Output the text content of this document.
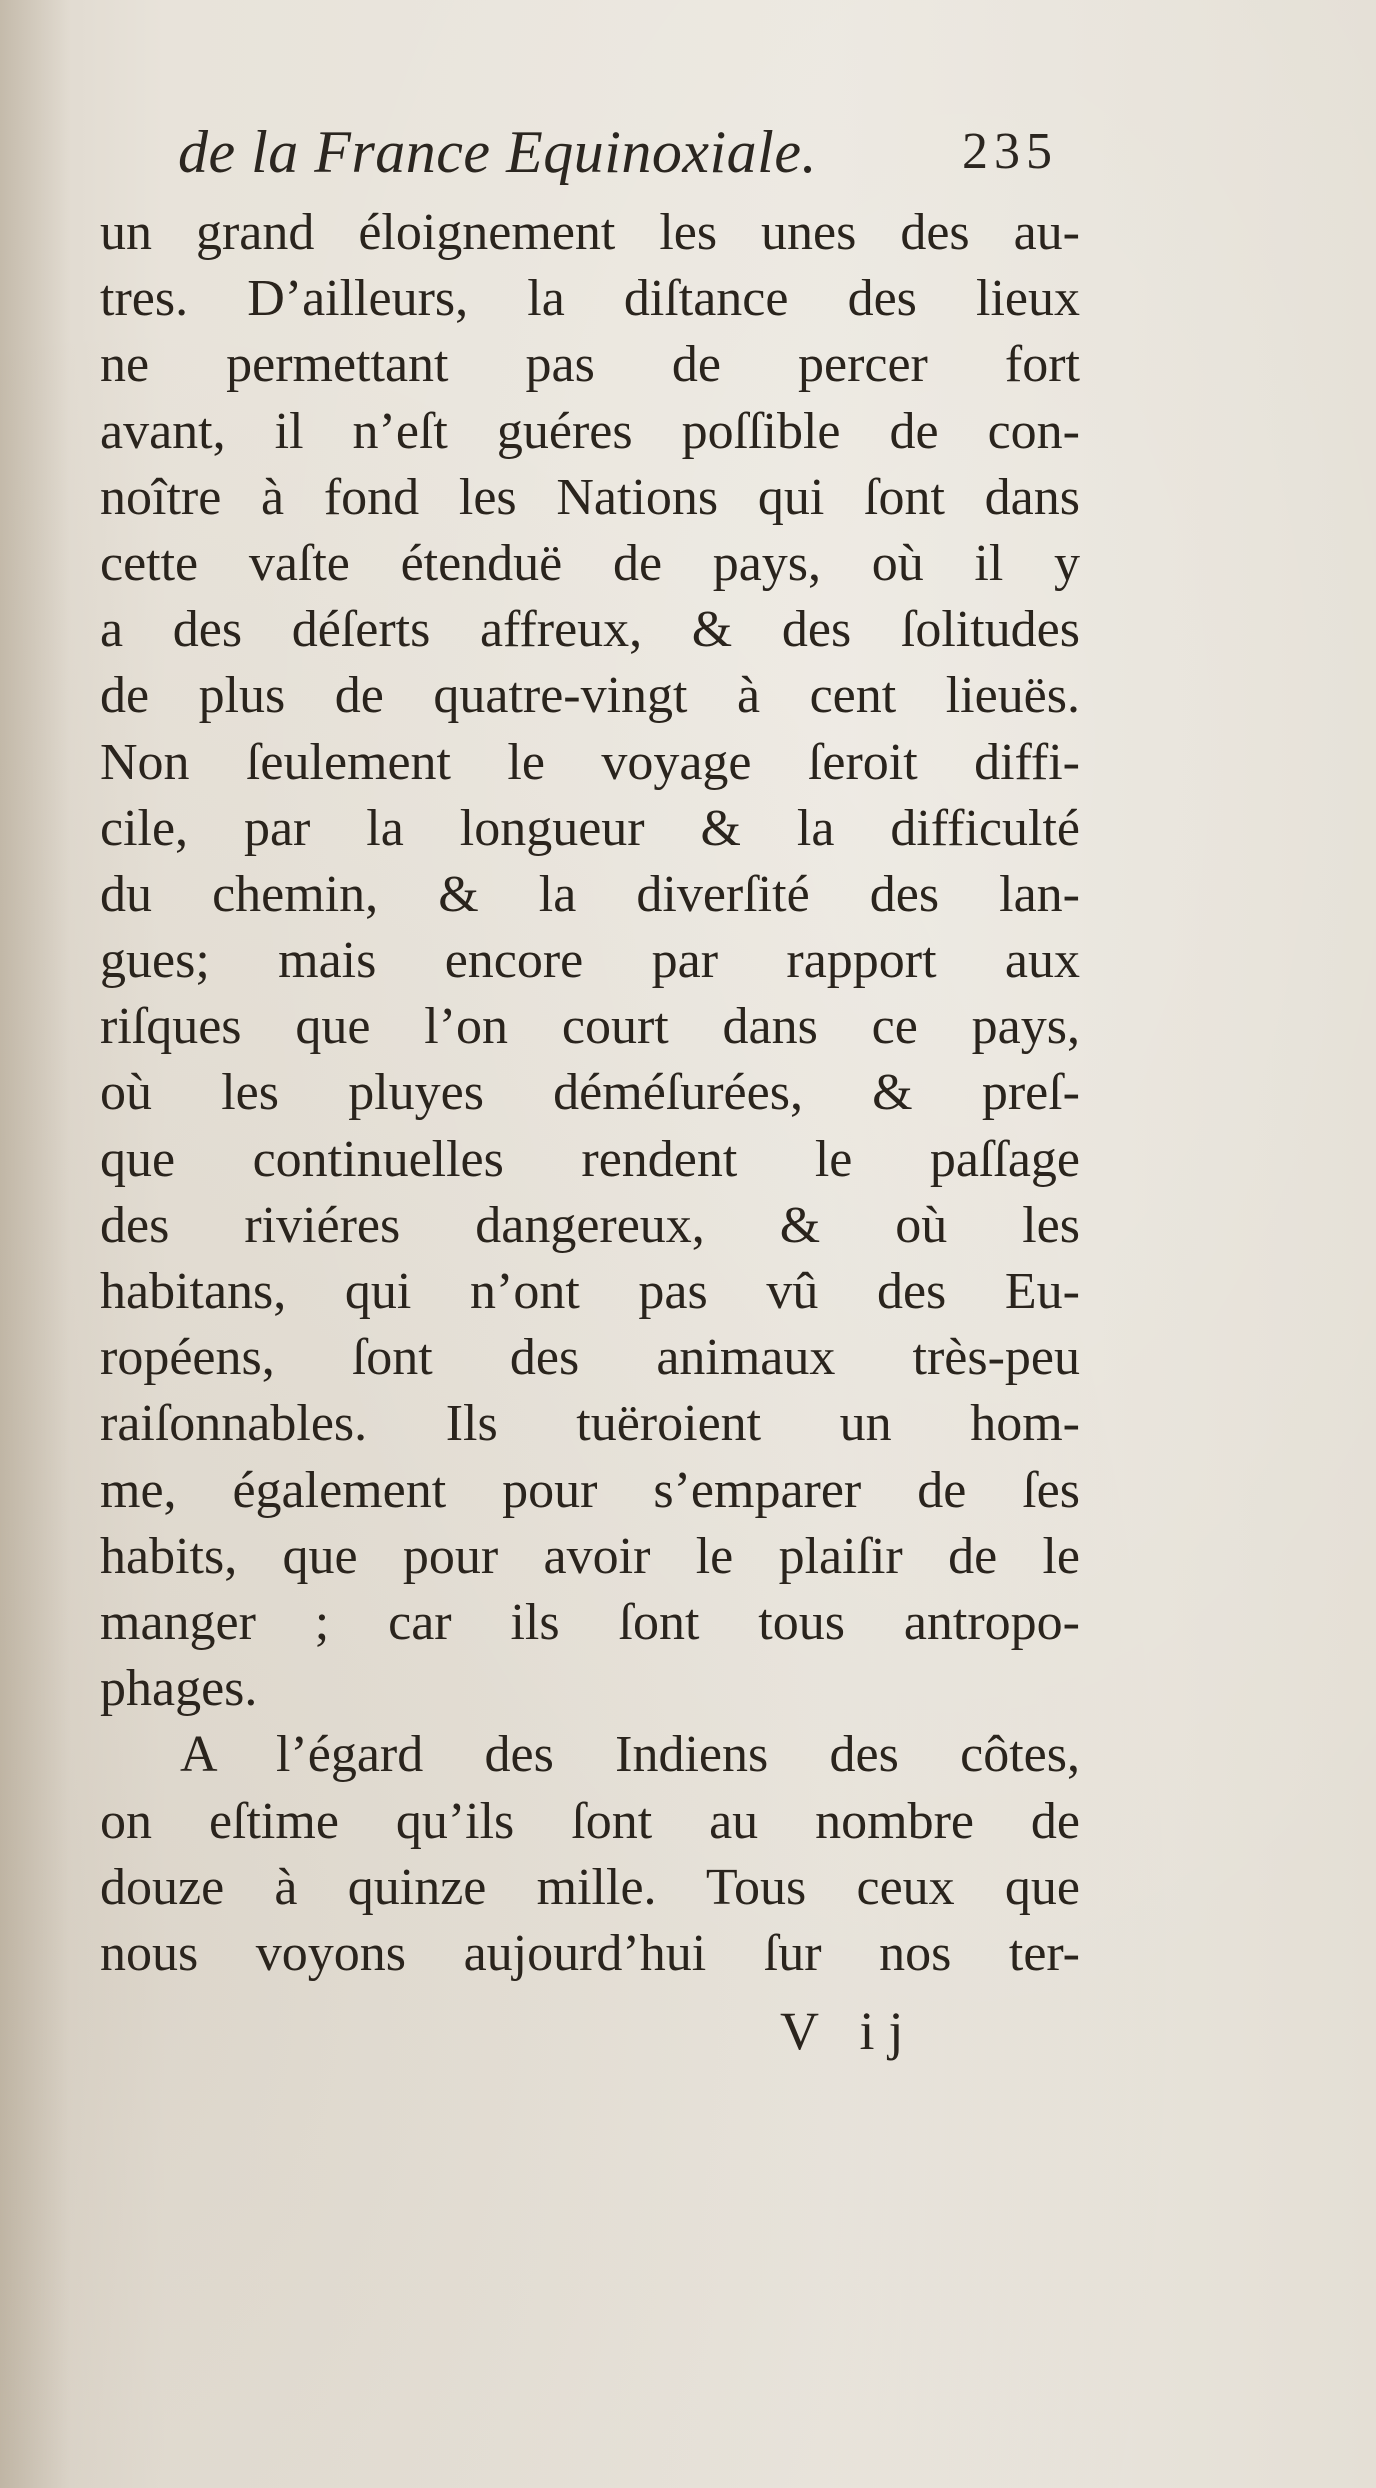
de la France Equinoxiale.	235
un grand éloignement les unes des au-
tres. D’ailleurs, la diſtance des lieux
ne permettant pas de percer fort
avant, il n’eſt guéres poſſible de con-
noître à fond les Nations qui ſont dans
cette vaſte étenduë de pays, où il y
a des déſerts affreux, & des ſolitudes
de plus de quatre-vingt à cent lieuës.
Non ſeulement le voyage ſeroit diffi-
cile, par la longueur & la difficulté
du chemin, & la diverſité des lan-
gues; mais encore par rapport aux
riſques que l’on court dans ce pays,
où les pluyes déméſurées, & preſ-
que continuelles rendent le paſſage
des riviéres dangereux, & où les
habitans, qui n’ont pas vû des Eu-
ropéens, ſont des animaux très-peu
raiſonnables. Ils tuëroient un hom-
me, également pour s’emparer de ſes
habits, que pour avoir le plaiſir de le
manger ; car ils ſont tous antropo-
phages.
A l’égard des Indiens des côtes,
on eſtime qu’ils ſont au nombre de
douze à quinze mille. Tous ceux que
nous voyons aujourd’hui ſur nos ter-
V ij
